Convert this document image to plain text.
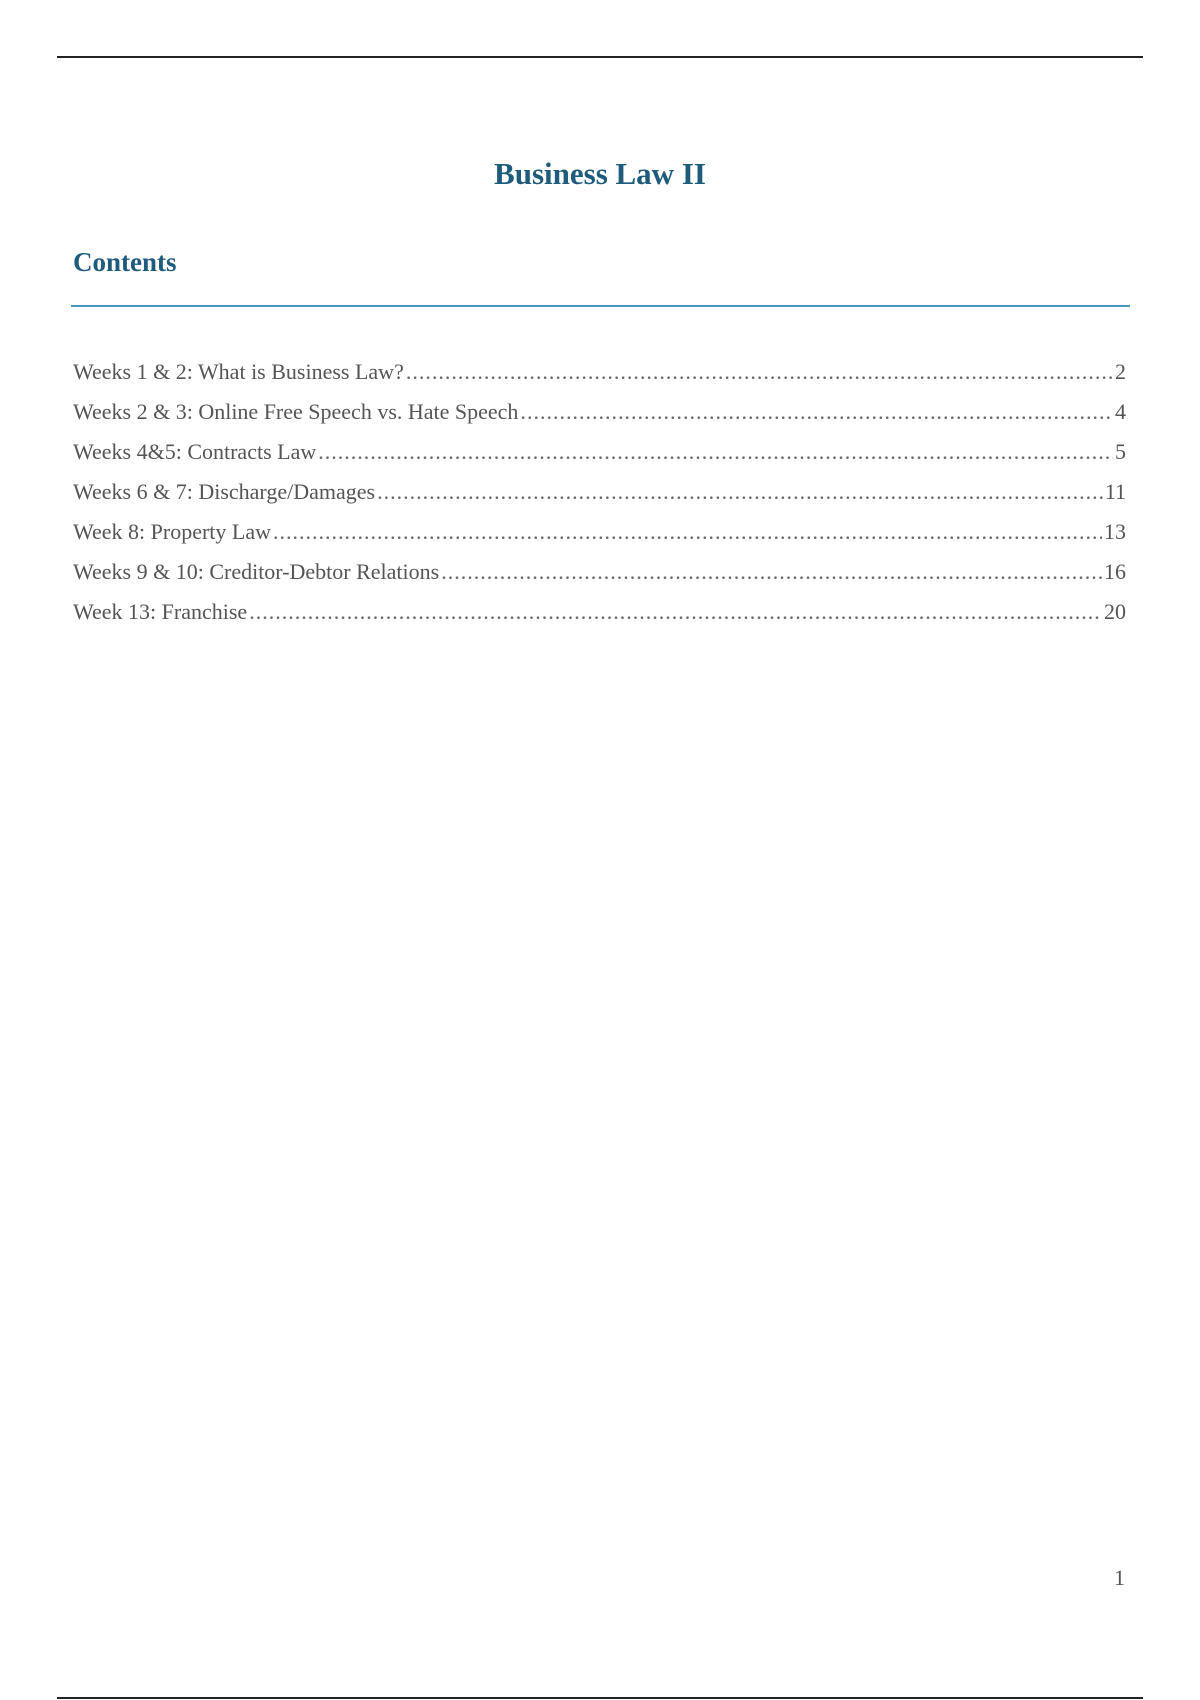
Business Law II
Contents
Weeks 1 & 2: What is Business Law? .....	2
Weeks 2 & 3: Online Free Speech vs. Hate Speech .....	4
Weeks 4&5: Contracts Law .....	5
Weeks 6 & 7: Discharge/Damages .....	11
Week 8: Property Law .....	13
Weeks 9 & 10: Creditor-Debtor Relations .....	16
Week 13: Franchise .....	20
1
